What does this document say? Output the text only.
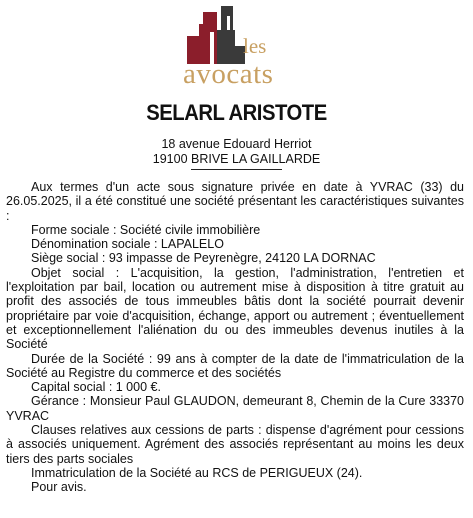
les
avocats
SELARL ARISTOTE
18 avenue Edouard Herriot
19100 BRIVE LA GAILLARDE

Aux termes d'un acte sous signature privée en date à YVRAC (33) du 26.05.2025, il a été constitué une société présentant les caractéristiques suivantes :

Forme sociale : Société civile immobilière

Dénomination sociale : LAPALELO

Siège social : 93 impasse de Peyrenègre, 24120 LA DORNAC

Objet social : L'acquisition, la gestion, l'administration, l'entretien et l'exploitation par bail, location ou autrement mise à disposition à titre gratuit au profit des associés de tous immeubles bâtis dont la société pourrait devenir propriétaire par voie d'acquisition, échange, apport ou autrement ; éventuellement et exceptionnellement l'aliénation du ou des immeubles devenus inutiles à la Société

Durée de la Société : 99 ans à compter de la date de l'immatriculation de la Société au Registre du commerce et des sociétés

Capital social : 1 000 €.

Gérance : Monsieur Paul GLAUDON, demeurant 8, Chemin de la Cure 33370 YVRAC

Clauses relatives aux cessions de parts : dispense d'agrément pour cessions à associés uniquement. Agrément des associés représentant au moins les deux tiers des parts sociales

Immatriculation de la Société au RCS de PERIGUEUX (24).

Pour avis.
